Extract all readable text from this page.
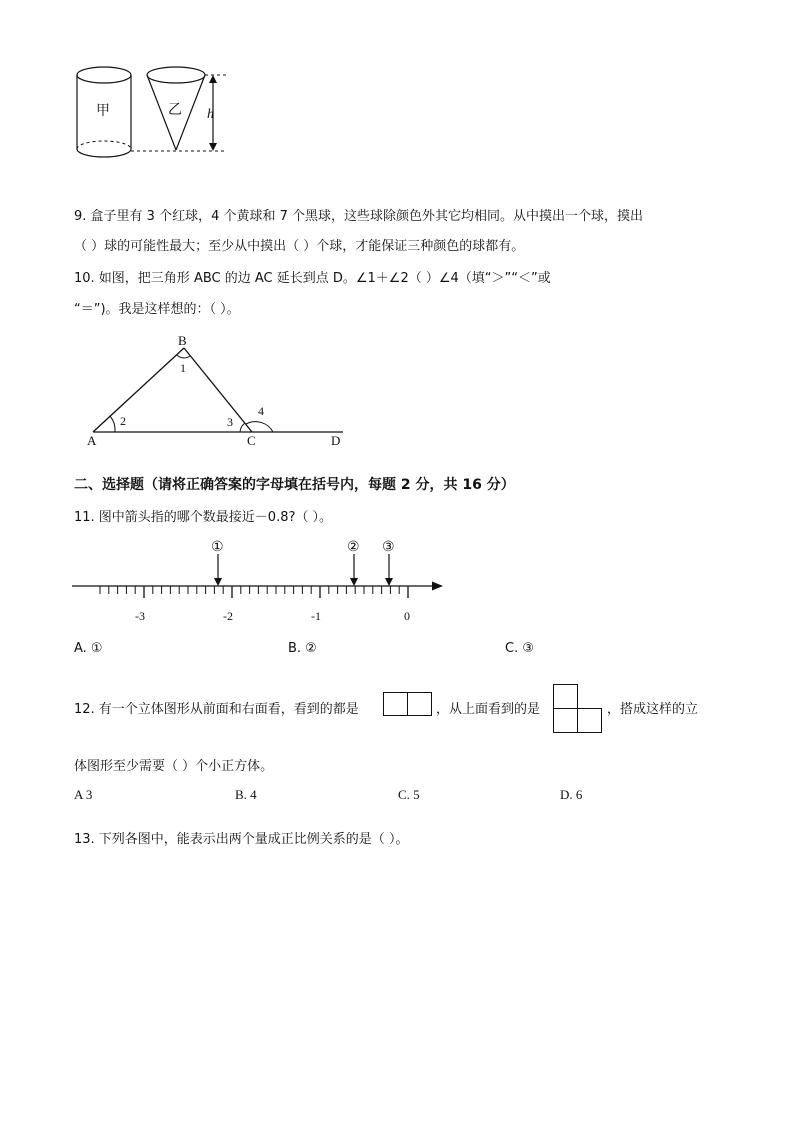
甲	乙 h
9. 盒子里有 3 个红球，4 个黄球和 7 个黑球，这些球除颜色外其它均相同。从中摸出一个球，摸出
（ ）球的可能性最大；至少从中摸出（ ）个球，才能保证三种颜色的球都有。
10. 如图，把三角形 ABC 的边 AC 延长到点 D。∠1＋∠2（ ）∠4（填“＞”“＜”或
“＝”)。我是这样想的：（ ）。
B
A	C	D
1
2	3
4
二、选择题（请将正确答案的字母填在括号内，每题 2 分，共 16 分）
11. 图中箭头指的哪个数最接近－0.8?（ ）。
-3	-2	-1	0
①	② ③
A. ①	B. ②	C. ③
12. 有一个立体图形从前面和右面看，看到的都是	，从上面看到的是	，搭成这样的立
体图形至少需要（ ）个小正方体。
A 3	B. 4	C. 5	D. 6
13. 下列各图中，能表示出两个量成正比例关系的是（ ）。
